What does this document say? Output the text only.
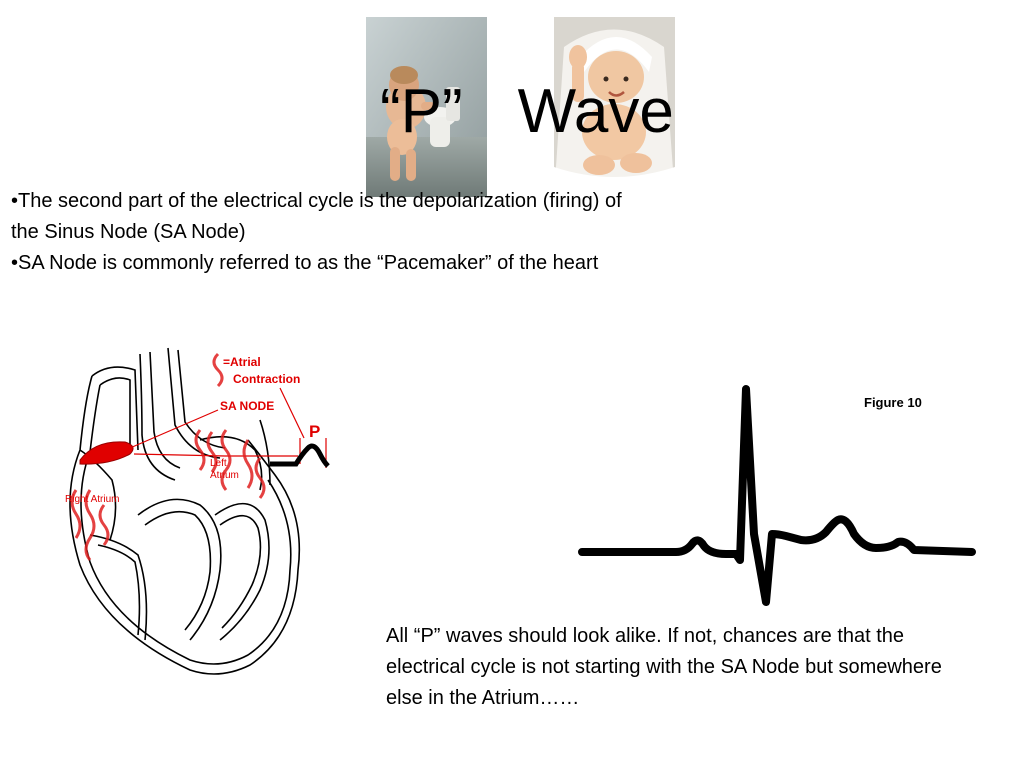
“P” Wave

•The second part of the electrical cycle is the depolarization (firing) of the Sinus Node (SA Node)

•SA Node is commonly referred to as the “Pacemaker” of the heart

=Atrial
Contraction
SA NODE
P
Left
Atrium
Right Atrium
Figure 10
All “P” waves should look alike. If not, chances are that the electrical cycle is not starting with the SA Node but somewhere else in the Atrium……
